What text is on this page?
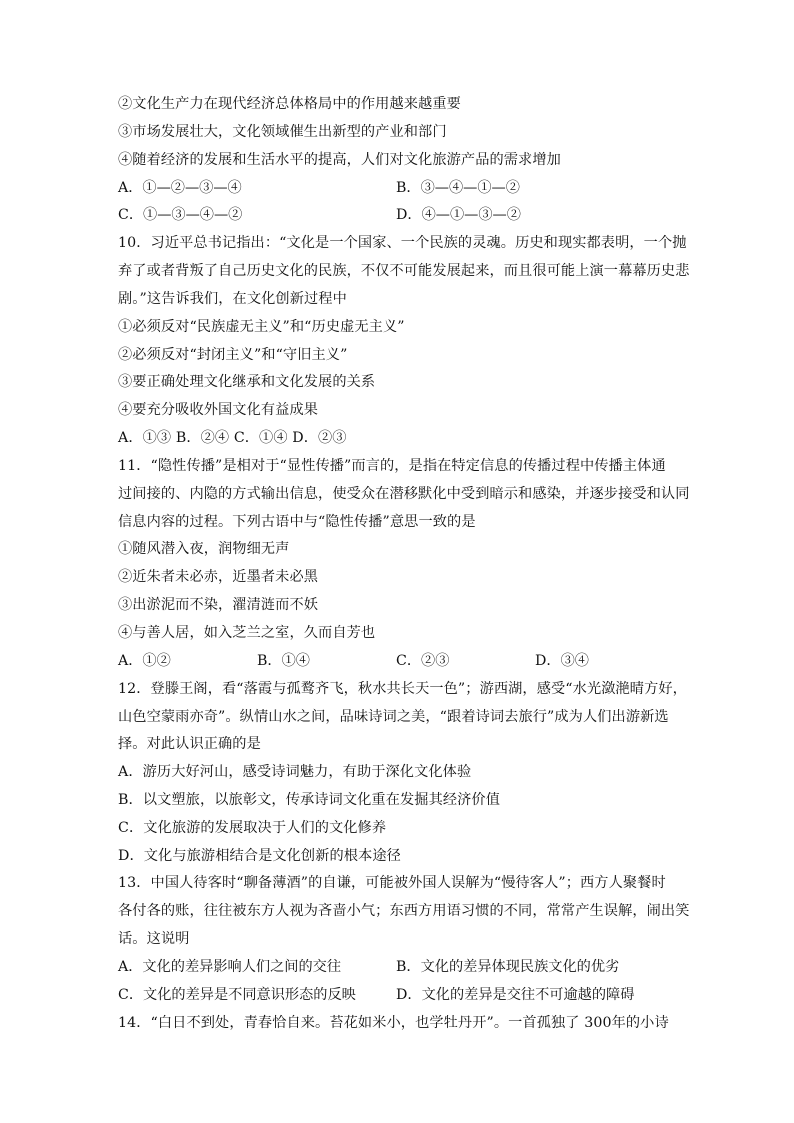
②文化生产力在现代经济总体格局中的作用越来越重要
③市场发展壮大，文化领域催生出新型的产业和部门
④随着经济的发展和生活水平的提高，人们对文化旅游产品的需求增加
A．①—②—③—④	B．③—④—①—②
C．①—③—④—②	D．④—①—③—②
10．习近平总书记指出：“文化是一个国家、一个民族的灵魂。历史和现实都表明，一个抛
弃了或者背叛了自己历史文化的民族，不仅不可能发展起来，而且很可能上演一幕幕历史悲
剧。”这告诉我们，在文化创新过程中
①必须反对“民族虚无主义”和“历史虚无主义”
②必须反对“封闭主义”和“守旧主义”
③要正确处理文化继承和文化发展的关系
④要充分吸收外国文化有益成果
A．①③ B．②④ C．①④ D．②③
11．“隐性传播”是相对于“显性传播”而言的，是指在特定信息的传播过程中传播主体通
过间接的、内隐的方式输出信息，使受众在潜移默化中受到暗示和感染，并逐步接受和认同
信息内容的过程。下列古语中与“隐性传播”意思一致的是
①随风潜入夜，润物细无声
②近朱者未必赤，近墨者未必黑
③出淤泥而不染，濯清涟而不妖
④与善人居，如入芝兰之室，久而自芳也
A．①②	B．①④	C．②③	D．③④
12．登滕王阁，看“落霞与孤鹜齐飞，秋水共长天一色”；游西湖，感受“水光潋滟晴方好，
山色空蒙雨亦奇”。纵情山水之间，品味诗词之美，“跟着诗词去旅行”成为人们出游新选
择。对此认识正确的是
A．游历大好河山，感受诗词魅力，有助于深化文化体验
B．以文塑旅，以旅彰文，传承诗词文化重在发掘其经济价值
C．文化旅游的发展取决于人们的文化修养
D．文化与旅游相结合是文化创新的根本途径
13．中国人待客时“聊备薄酒”的自谦，可能被外国人误解为“慢待客人”；西方人聚餐时
各付各的账，往往被东方人视为吝啬小气；东西方用语习惯的不同，常常产生误解，闹出笑
话。这说明
A．文化的差异影响人们之间的交往	B．文化的差异体现民族文化的优劣
C．文化的差异是不同意识形态的反映	D．文化的差异是交往不可逾越的障碍
14．“白日不到处，青春恰自来。苔花如米小，也学牡丹开”。一首孤独了 300年的小诗
